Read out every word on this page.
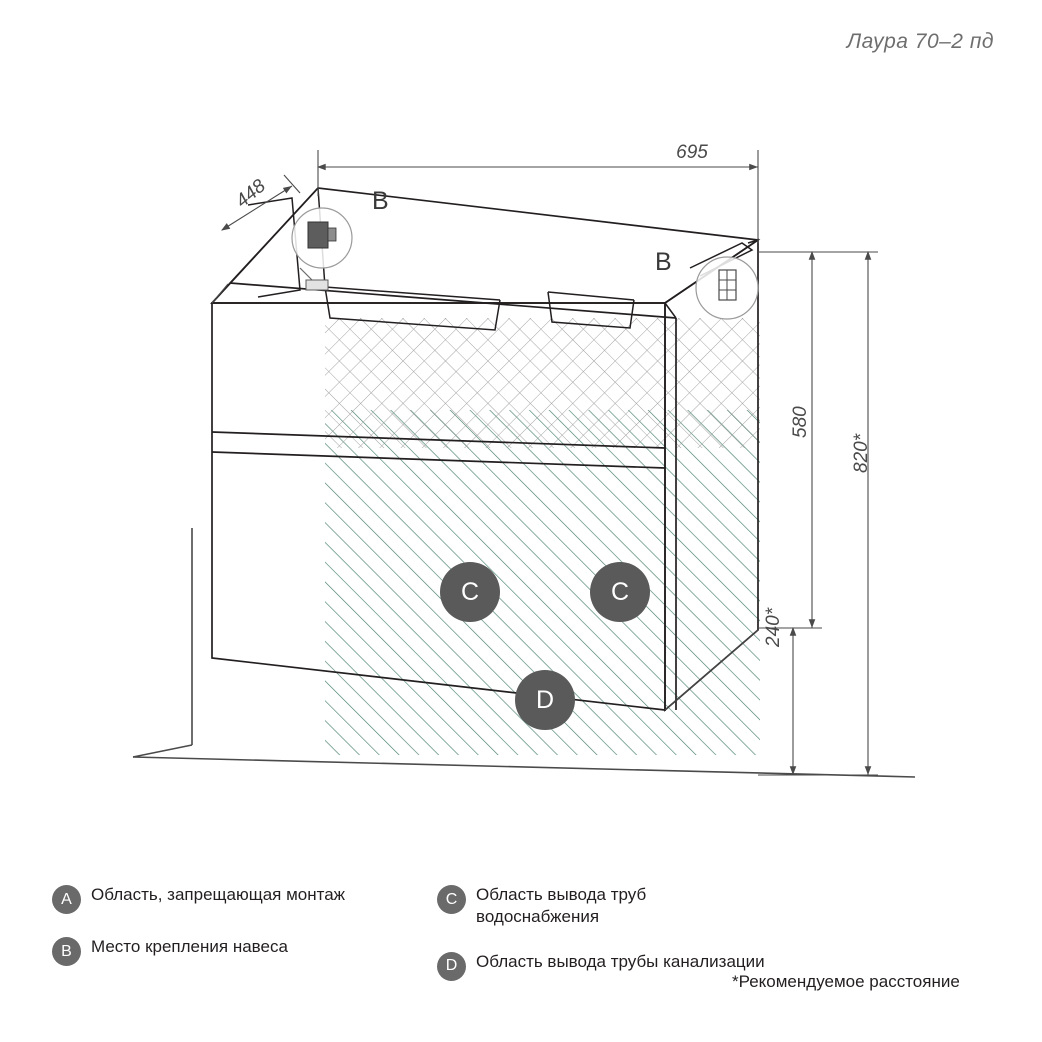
Лаура 70–2 пд
695
448
580
820*
240*
B
B
C	C
D
A	Область, запрещающая монтаж
B	Место крепления навеса
C	Область вывода труб водоснабжения
D	Область вывода трубы канализации
*Рекомендуемое расстояние
